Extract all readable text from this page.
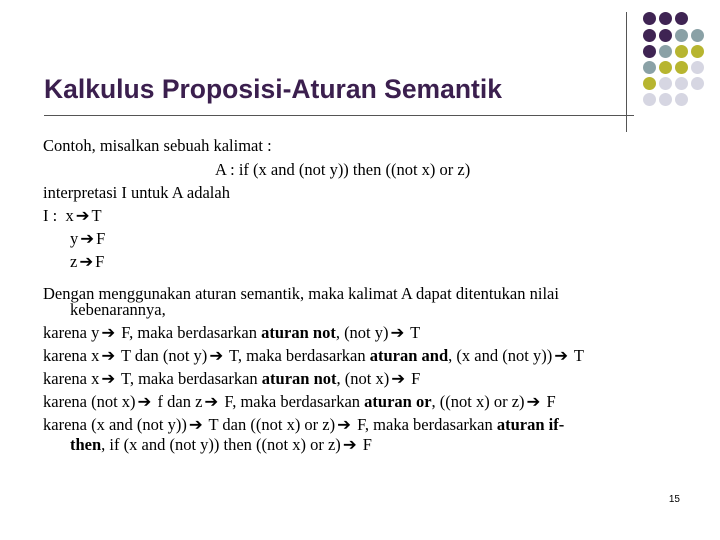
Kalkulus Proposisi-Aturan Semantik
Contoh, misalkan sebuah kalimat :
A : if (x and (not y)) then ((not x) or z)
interpretasi I untuk A adalah
I : x ➔ T
y ➔ F
z ➔ F
Dengan menggunakan aturan semantik, maka kalimat A dapat ditentukan nilai
kebenarannya,
karena y ➔ F, maka berdasarkan aturan not, (not y) ➔ T
karena x ➔ T dan (not y) ➔ T, maka berdasarkan aturan and, (x and (not y)) ➔ T
karena x ➔ T, maka berdasarkan aturan not, (not x) ➔ F
karena (not x) ➔ f dan z ➔ F, maka berdasarkan aturan or, ((not x) or z) ➔ F
karena (x and (not y)) ➔ T dan ((not x) or z) ➔ F, maka berdasarkan aturan if-
then, if (x and (not y)) then ((not x) or z) ➔ F
15
